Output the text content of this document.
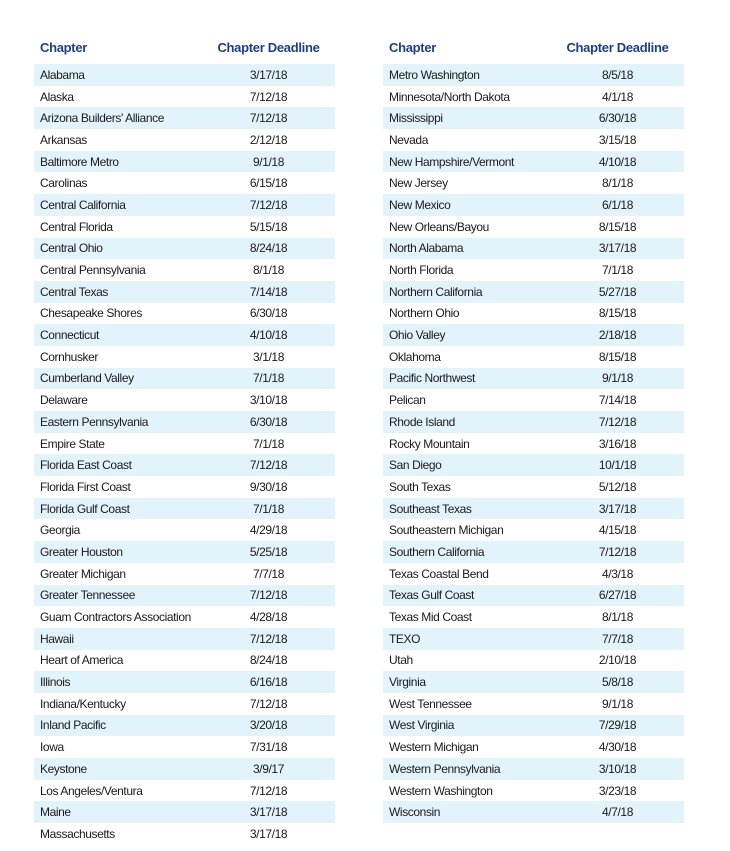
Chapter	Chapter Deadline
Alabama	3/17/18
Alaska	7/12/18
Arizona Builders' Alliance	7/12/18
Arkansas	2/12/18
Baltimore Metro	9/1/18
Carolinas	6/15/18
Central California	7/12/18
Central Florida	5/15/18
Central Ohio	8/24/18
Central Pennsylvania	8/1/18
Central Texas	7/14/18
Chesapeake Shores	6/30/18
Connecticut	4/10/18
Cornhusker	3/1/18
Cumberland Valley	7/1/18
Delaware	3/10/18
Eastern Pennsylvania	6/30/18
Empire State	7/1/18
Florida East Coast	7/12/18
Florida First Coast	9/30/18
Florida Gulf Coast	7/1/18
Georgia	4/29/18
Greater Houston	5/25/18
Greater Michigan	7/7/18
Greater Tennessee	7/12/18
Guam Contractors Association	4/28/18
Hawaii	7/12/18
Heart of America	8/24/18
Illinois	6/16/18
Indiana/Kentucky	7/12/18
Inland Pacific	3/20/18
Iowa	7/31/18
Keystone	3/9/17
Los Angeles/Ventura	7/12/18
Maine	3/17/18
Massachusetts	3/17/18
Chapter	Chapter Deadline
Metro Washington	8/5/18
Minnesota/North Dakota	4/1/18
Mississippi	6/30/18
Nevada	3/15/18
New Hampshire/Vermont	4/10/18
New Jersey	8/1/18
New Mexico	6/1/18
New Orleans/Bayou	8/15/18
North Alabama	3/17/18
North Florida	7/1/18
Northern California	5/27/18
Northern Ohio	8/15/18
Ohio Valley	2/18/18
Oklahoma	8/15/18
Pacific Northwest	9/1/18
Pelican	7/14/18
Rhode Island	7/12/18
Rocky Mountain	3/16/18
San Diego	10/1/18
South Texas	5/12/18
Southeast Texas	3/17/18
Southeastern Michigan	4/15/18
Southern California	7/12/18
Texas Coastal Bend	4/3/18
Texas Gulf Coast	6/27/18
Texas Mid Coast	8/1/18
TEXO	7/7/18
Utah	2/10/18
Virginia	5/8/18
West Tennessee	9/1/18
West Virginia	7/29/18
Western Michigan	4/30/18
Western Pennsylvania	3/10/18
Western Washington	3/23/18
Wisconsin	4/7/18
